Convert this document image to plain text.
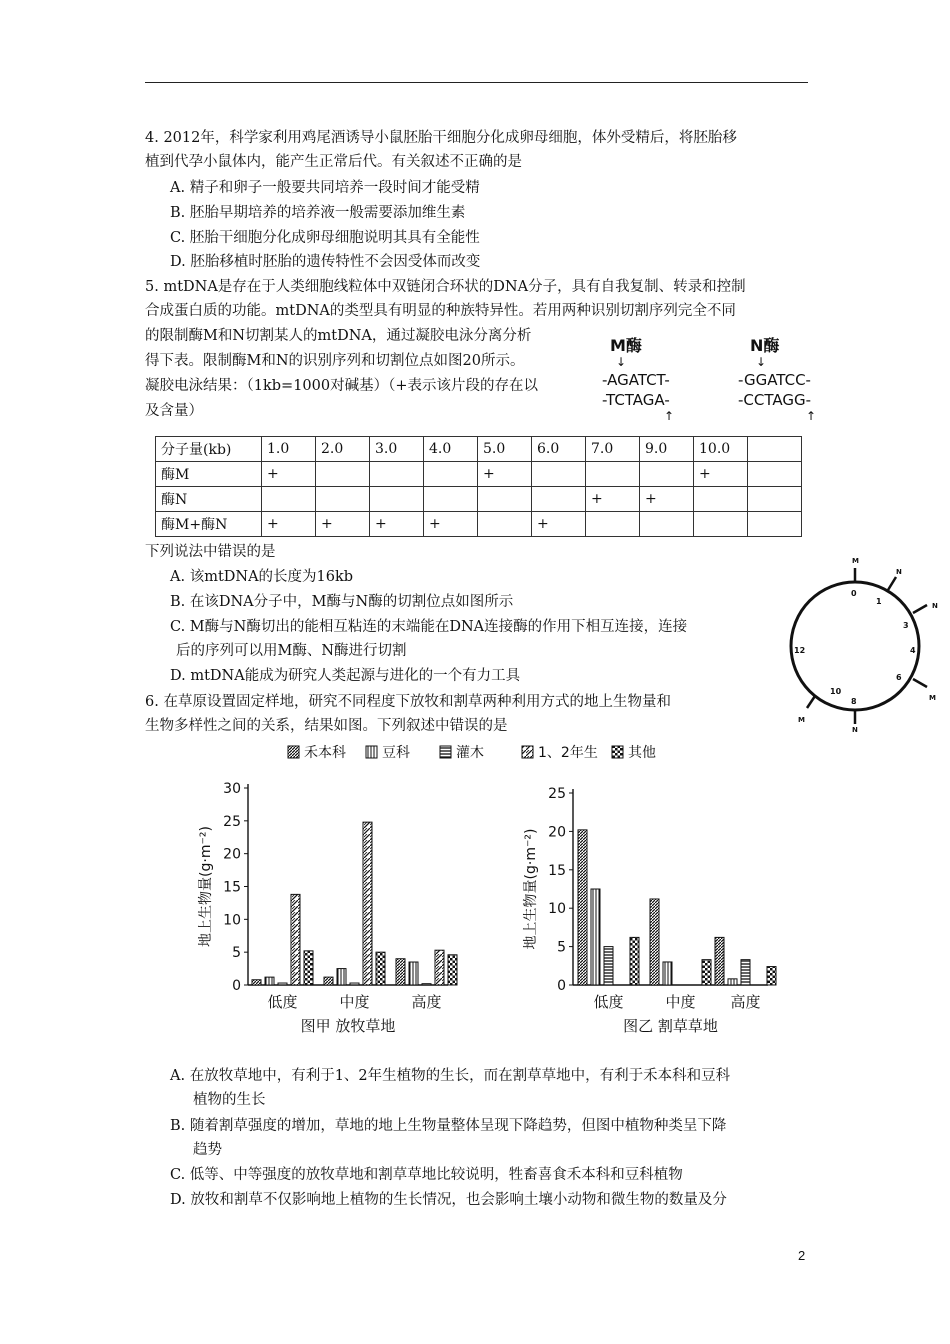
4. 2012年，科学家利用鸡尾酒诱导小鼠胚胎干细胞分化成卵母细胞，体外受精后，将胚胎移
植到代孕小鼠体内，能产生正常后代。有关叙述不正确的是
A. 精子和卵子一般要共同培养一段时间才能受精
B. 胚胎早期培养的培养液一般需要添加维生素
C. 胚胎干细胞分化成卵母细胞说明其具有全能性
D. 胚胎移植时胚胎的遗传特性不会因受体而改变
5. mtDNA是存在于人类细胞线粒体中双链闭合环状的DNA分子，具有自我复制、转录和控制
合成蛋白质的功能。mtDNA的类型具有明显的种族特异性。若用两种识别切割序列完全不同
的限制酶M和N切割某人的mtDNA，通过凝胶电泳分离分析
得下表。限制酶M和N的识别序列和切割位点如图20所示。
凝胶电泳结果：（1kb=1000对碱基）（+表示该片段的存在以
及含量）
M酶
↓
-AGATCT-
-TCTAGA-
↑
N酶
↓
-GGATCC-
-CCTAGG-
↑
分子量(kb)	1.0	2.0	3.0	4.0	5.0	6.0	7.0	9.0	10.0	
酶M	+				+				+	
酶N							+	+		
酶M+酶N	+	+	+	+		+				
下列说法中错误的是
A. 该mtDNA的长度为16kb
B. 在该DNA分子中，M酶与N酶的切割位点如图所示
C. M酶与N酶切出的能相互粘连的末端能在DNA连接酶的作用下相互连接，连接
后的序列可以用M酶、N酶进行切割
D. mtDNA能成为研究人类起源与进化的一个有力工具
M
N
N
M
N
M
0
1
3
4
6
8
10
12
6. 在草原设置固定样地，研究不同程度下放牧和割草两种利用方式的地上生物量和
生物多样性之间的关系，结果如图。下列叙述中错误的是
禾本科	豆科	灌木	1、2年生 其他
0
5
10
15
20
25
30
地上生物量(g·m⁻²)
低度	中度	高度
图甲 放牧草地
0
5
10
15
20
25
地上生物量(g·m⁻²)
低度	中度 高度
图乙 割草草地
A. 在放牧草地中，有利于1、2年生植物的生长，而在割草草地中，有利于禾本科和豆科
植物的生长
B. 随着割草强度的增加，草地的地上生物量整体呈现下降趋势，但图中植物种类呈下降
趋势
C. 低等、中等强度的放牧草地和割草草地比较说明，牲畜喜食禾本科和豆科植物
D. 放牧和割草不仅影响地上植物的生长情况，也会影响土壤小动物和微生物的数量及分
2
